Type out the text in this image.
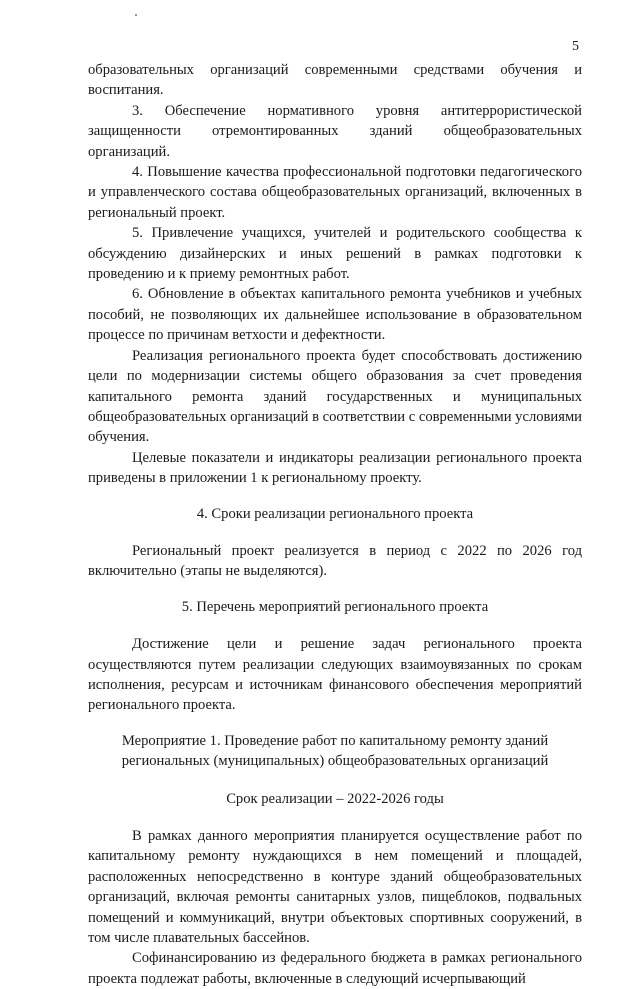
5

образовательных организаций современными средствами обучения и воспитания.

3. Обеспечение нормативного уровня антитеррористической защищенности отремонтированных зданий общеобразовательных организаций.

4. Повышение качества профессиональной подготовки педагогического и управленческого состава общеобразовательных организаций, включенных в региональный проект.

5. Привлечение учащихся, учителей и родительского сообщества к обсуждению дизайнерских и иных решений в рамках подготовки к проведению и к приему ремонтных работ.

6. Обновление в объектах капитального ремонта учебников и учебных пособий, не позволяющих их дальнейшее использование в образовательном процессе по причинам ветхости и дефектности.

Реализация регионального проекта будет способствовать достижению цели по модернизации системы общего образования за счет проведения капитального ремонта зданий государственных и муниципальных общеобразовательных организаций в соответствии с современными условиями обучения.

Целевые показатели и индикаторы реализации регионального проекта приведены в приложении 1 к региональному проекту.

4. Сроки реализации регионального проекта

Региональный проект реализуется в период с 2022 по 2026 год включительно (этапы не выделяются).

5. Перечень мероприятий регионального проекта

Достижение цели и решение задач регионального проекта осуществляются путем реализации следующих взаимоувязанных по срокам исполнения, ресурсам и источникам финансового обеспечения мероприятий регионального проекта.

Мероприятие 1. Проведение работ по капитальному ремонту зданий региональных (муниципальных) общеобразовательных организаций

Срок реализации – 2022-2026 годы

В рамках данного мероприятия планируется осуществление работ по капитальному ремонту нуждающихся в нем помещений и площадей, расположенных непосредственно в контуре зданий общеобразовательных организаций, включая ремонты санитарных узлов, пищеблоков, подвальных помещений и коммуникаций, внутри объектовых спортивных сооружений, в том числе плавательных бассейнов.

Софинансированию из федерального бюджета в рамках регионального проекта подлежат работы, включенные в следующий исчерпывающий
